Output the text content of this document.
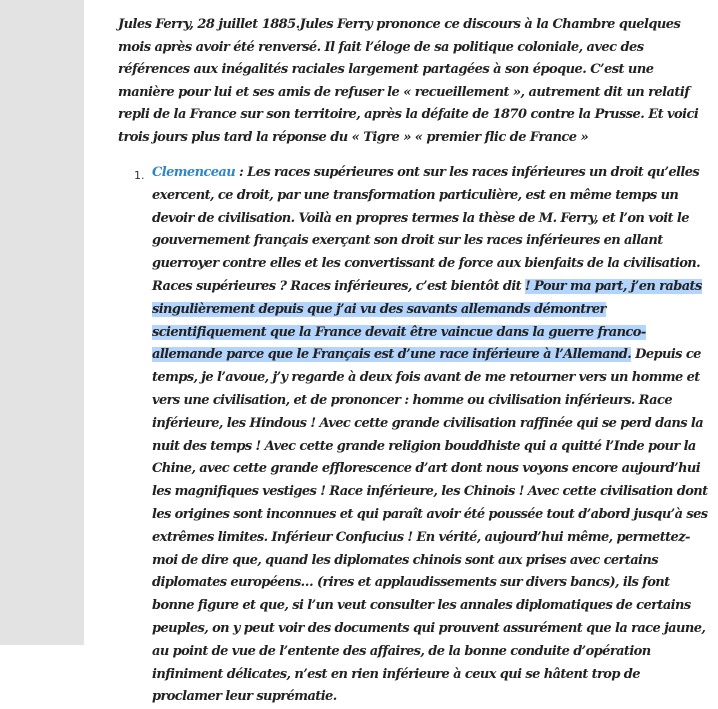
Jules Ferry, 28 juillet 1885.Jules Ferry prononce ce discours à la Chambre quelques mois après avoir été renversé. Il fait l’éloge de sa politique coloniale, avec des références aux inégalités raciales largement partagées à son époque. C’est une manière pour lui et ses amis de refuser le « recueillement », autrement dit un relatif repli de la France sur son territoire, après la défaite de 1870 contre la Prusse. Et voici trois jours plus tard la réponse du « Tigre » « premier flic de France »
1. Clemenceau : Les races supérieures ont sur les races inférieures un droit qu’elles exercent, ce droit, par une transformation particulière, est en même temps un devoir de civilisation. Voilà en propres termes la thèse de M. Ferry, et l’on voit le gouvernement français exerçant son droit sur les races inférieures en allant guerroyer contre elles et les convertissant de force aux bienfaits de la civilisation. Races supérieures ? Races inférieures, c’est bientôt dit ! Pour ma part, j’en rabats singulièrement depuis que j’ai vu des savants allemands démontrer scientifiquement que la France devait être vaincue dans la guerre franco-allemande parce que le Français est d’une race inférieure à l’Allemand. Depuis ce temps, je l’avoue, j’y regarde à deux fois avant de me retourner vers un homme et vers une civilisation, et de prononcer : homme ou civilisation inférieurs. Race inférieure, les Hindous ! Avec cette grande civilisation raffinée qui se perd dans la nuit des temps ! Avec cette grande religion bouddhiste qui a quitté l’Inde pour la Chine, avec cette grande efflorescence d’art dont nous voyons encore aujourd’hui les magnifiques vestiges ! Race inférieure, les Chinois ! Avec cette civilisation dont les origines sont inconnues et qui paraît avoir été poussée tout d’abord jusqu’à ses extrêmes limites. Inférieur Confucius ! En vérité, aujourd’hui même, permettez-moi de dire que, quand les diplomates chinois sont aux prises avec certains diplomates européens… (rires et applaudissements sur divers bancs), ils font bonne figure et que, si l’un veut consulter les annales diplomatiques de certains peuples, on y peut voir des documents qui prouvent assurément que la race jaune, au point de vue de l’entente des affaires, de la bonne conduite d’opération infiniment délicates, n’est en rien inférieure à ceux qui se hâtent trop de proclamer leur suprématie.
